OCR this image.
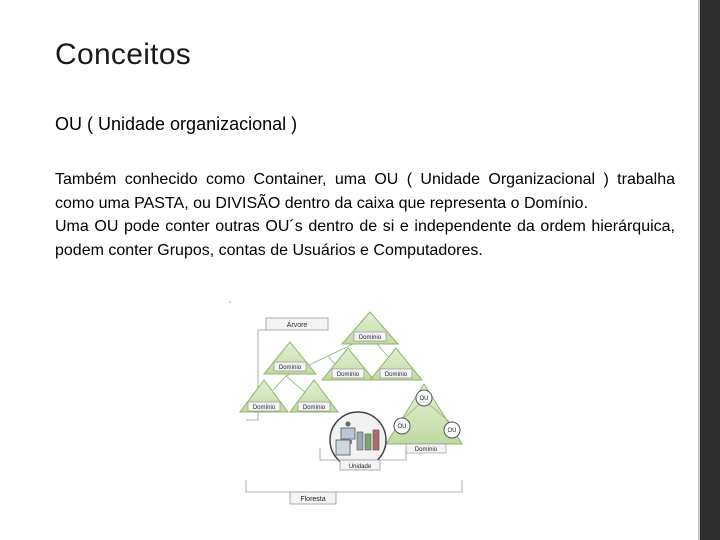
Conceitos
OU ( Unidade organizacional )

Também conhecido como Container, uma OU ( Unidade Organizacional ) trabalha como uma PASTA, ou DIVISÃO dentro da caixa que representa o Domínio.

Uma OU pode conter outras OU´s dentro de si e independente da ordem hierárquica, podem conter Grupos, contas de Usuários e Computadores.

Árvore
Domínio
Domínio
Domínio	Domínio
Domínio	Domínio
OU
OU
OU
Domínio
Unidade
Floresta
